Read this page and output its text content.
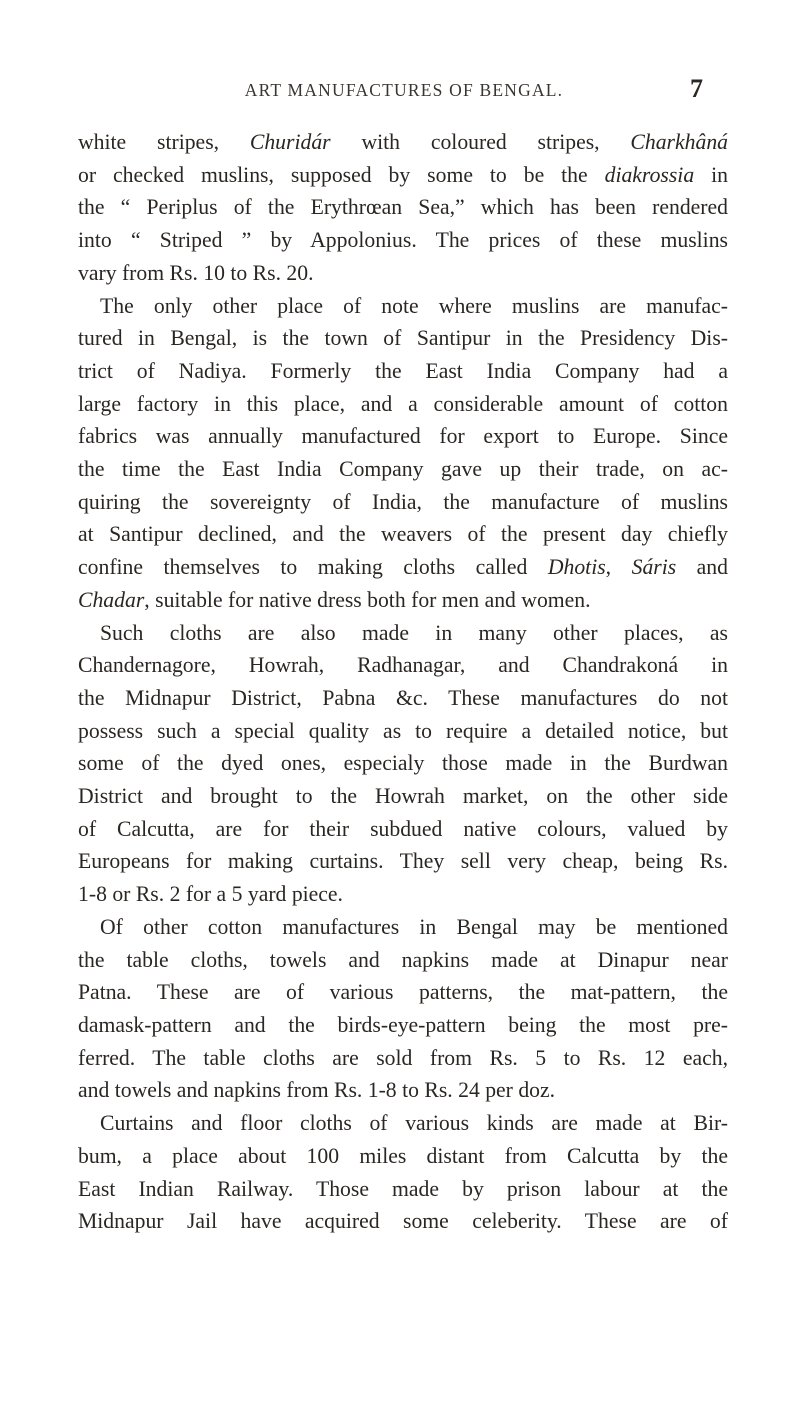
ART MANUFACTURES OF BENGAL.	7
white stripes, Churidár with coloured stripes, Charkhâná
or checked muslins, supposed by some to be the diakrossia in
the “ Periplus of the Erythrœan Sea,” which has been rendered
into “ Striped ” by Appolonius. The prices of these muslins
vary from Rs. 10 to Rs. 20.
The only other place of note where muslins are manufac-
tured in Bengal, is the town of Santipur in the Presidency Dis-
trict of Nadiya. Formerly the East India Company had a
large factory in this place, and a considerable amount of cotton
fabrics was annually manufactured for export to Europe. Since
the time the East India Company gave up their trade, on ac-
quiring the sovereignty of India, the manufacture of muslins
at Santipur declined, and the weavers of the present day chiefly
confine themselves to making cloths called Dhotis, Sáris and
Chadar, suitable for native dress both for men and women.
Such cloths are also made in many other places, as
Chandernagore, Howrah, Radhanagar, and Chandrakoná in
the Midnapur District, Pabna &c. These manufactures do not
possess such a special quality as to require a detailed notice, but
some of the dyed ones, especialy those made in the Burdwan
District and brought to the Howrah market, on the other side
of Calcutta, are for their subdued native colours, valued by
Europeans for making curtains. They sell very cheap, being Rs.
1-8 or Rs. 2 for a 5 yard piece.
Of other cotton manufactures in Bengal may be mentioned
the table cloths, towels and napkins made at Dinapur near
Patna. These are of various patterns, the mat-pattern, the
damask-pattern and the birds-eye-pattern being the most pre-
ferred. The table cloths are sold from Rs. 5 to Rs. 12 each,
and towels and napkins from Rs. 1-8 to Rs. 24 per doz.
Curtains and floor cloths of various kinds are made at Bir-
bum, a place about 100 miles distant from Calcutta by the
East Indian Railway. Those made by prison labour at the
Midnapur Jail have acquired some celeberity. These are of
